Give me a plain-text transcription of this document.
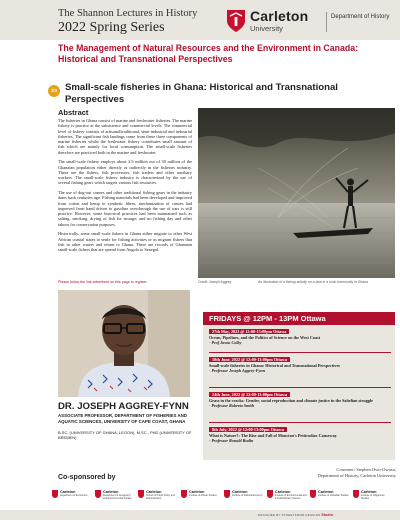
The Shannon Lectures in History
2022 Spring Series
Carleton
University
Department of History
The Management of Natural Resources and the Environment in Canada: Historical and Transnational Perspectives
3/4 Small-scale fisheries in Ghana: Historical and Transnational Perspectives
Abstract

The fisheries in Ghana consist of marine and freshwater fisheries. The marine fishery is practice at the subsistence and commercial levels. The commercial level of fishery consists of artisanal/traditional, semi-industrial and industrial fisheries. The significant fish landings come from these three components of marine fisheries whilst the freshwater fishery contributes small amount of fish which are mainly for local consumption. The small-scale fisheries therefore are practiced both in the marine and freshwater.

The small-scale fishery employs about 2.5 million out of 30 million of the Ghanaian population either directly or indirectly in the fisheries industry. These are the fishers, fish processors, fish traders and other auxiliary workers. The small-scale fishery industry is characterized by the use of several fishing gears which targets various fish resources.

The use of dug-out canoes and other traditional fishing gears in the industry dates back centuries ago. Fishing materials had been developed and improved from cotton and hemp to synthetic fibres, mechanization of canoes had improved from hand driven to gasoline overthrough the use of oars is still practice. However, some historical practices had been maintained such as salting, smoking, drying of fish for storage; and no fishing day and other taboos for conservation purposes.

Historically, some small-scale fishers in Ghana either migrate to other West African coastal states to settle for fishing activities or as migrant fishers that fish in other waters and return to Ghana. There are records of Ghanaian small-scale fishers that are spread from Angola to Senegal.

Please follow the link advertised on this page to register.	Credit: Joseph Aggrey	An illustration of a fishing activity on a lake in a rural community in Ghana
DR. JOSEPH AGGREY-FYNN
ASSOCIATE PROFESSOR, DEPARTMENT OF FISHERIES AND AQUATIC SCIENCES, UNIVERSITY OF CAPE COAST, GHANA
B.SC. (UNIVERSITY OF GHANA, LEGON), M.SC., PHD (UNIVERSITY OF BREMEN)
FRIDAYS @ 12PM - 13PM Ottawa
27th May, 2022 @ 12:00-13:00pm Ottawa
Ocean, Pipelines, and the Politics of Science on the West Coast
- Prof Jason Colby
10th June, 2022 @ 12:00-13:00pm Ottawa
Small-scale fisheries in Ghana: Historical and Transnational Perspectives
- Professor Joseph Aggrey-Fynn
24th June, 2022 @ 12:00-13:00pm Ottawa
Grass in the cracks: Gender, social reproduction and climate justice in the Sahelian struggle
- Professor Roberta Smith
8th July, 2022 @ 12:00-13:00pm Ottawa
What is Nature?: The Rise and Fall of Moncton's Petitcodiac Causeway
- Professor Ronald Rudin
Convener: Stephen Owo-Owusu,
Department of History, Carleton University
Co-sponsored by
Carleton
Department of Economics
Carleton
Department of Geography and Environmental Studies
Carleton
School of Public Policy and Administration
Carleton
Institute of African Studies
Carleton
Institute of Political Economy
Carleton
Institute of Environmental and Interdisciplinary Science
Carleton
Institute of Canadian Studies
Carleton
Institute of Indigenous Studies
DESIGNED BY STREETFROM DESIGNS Studio
